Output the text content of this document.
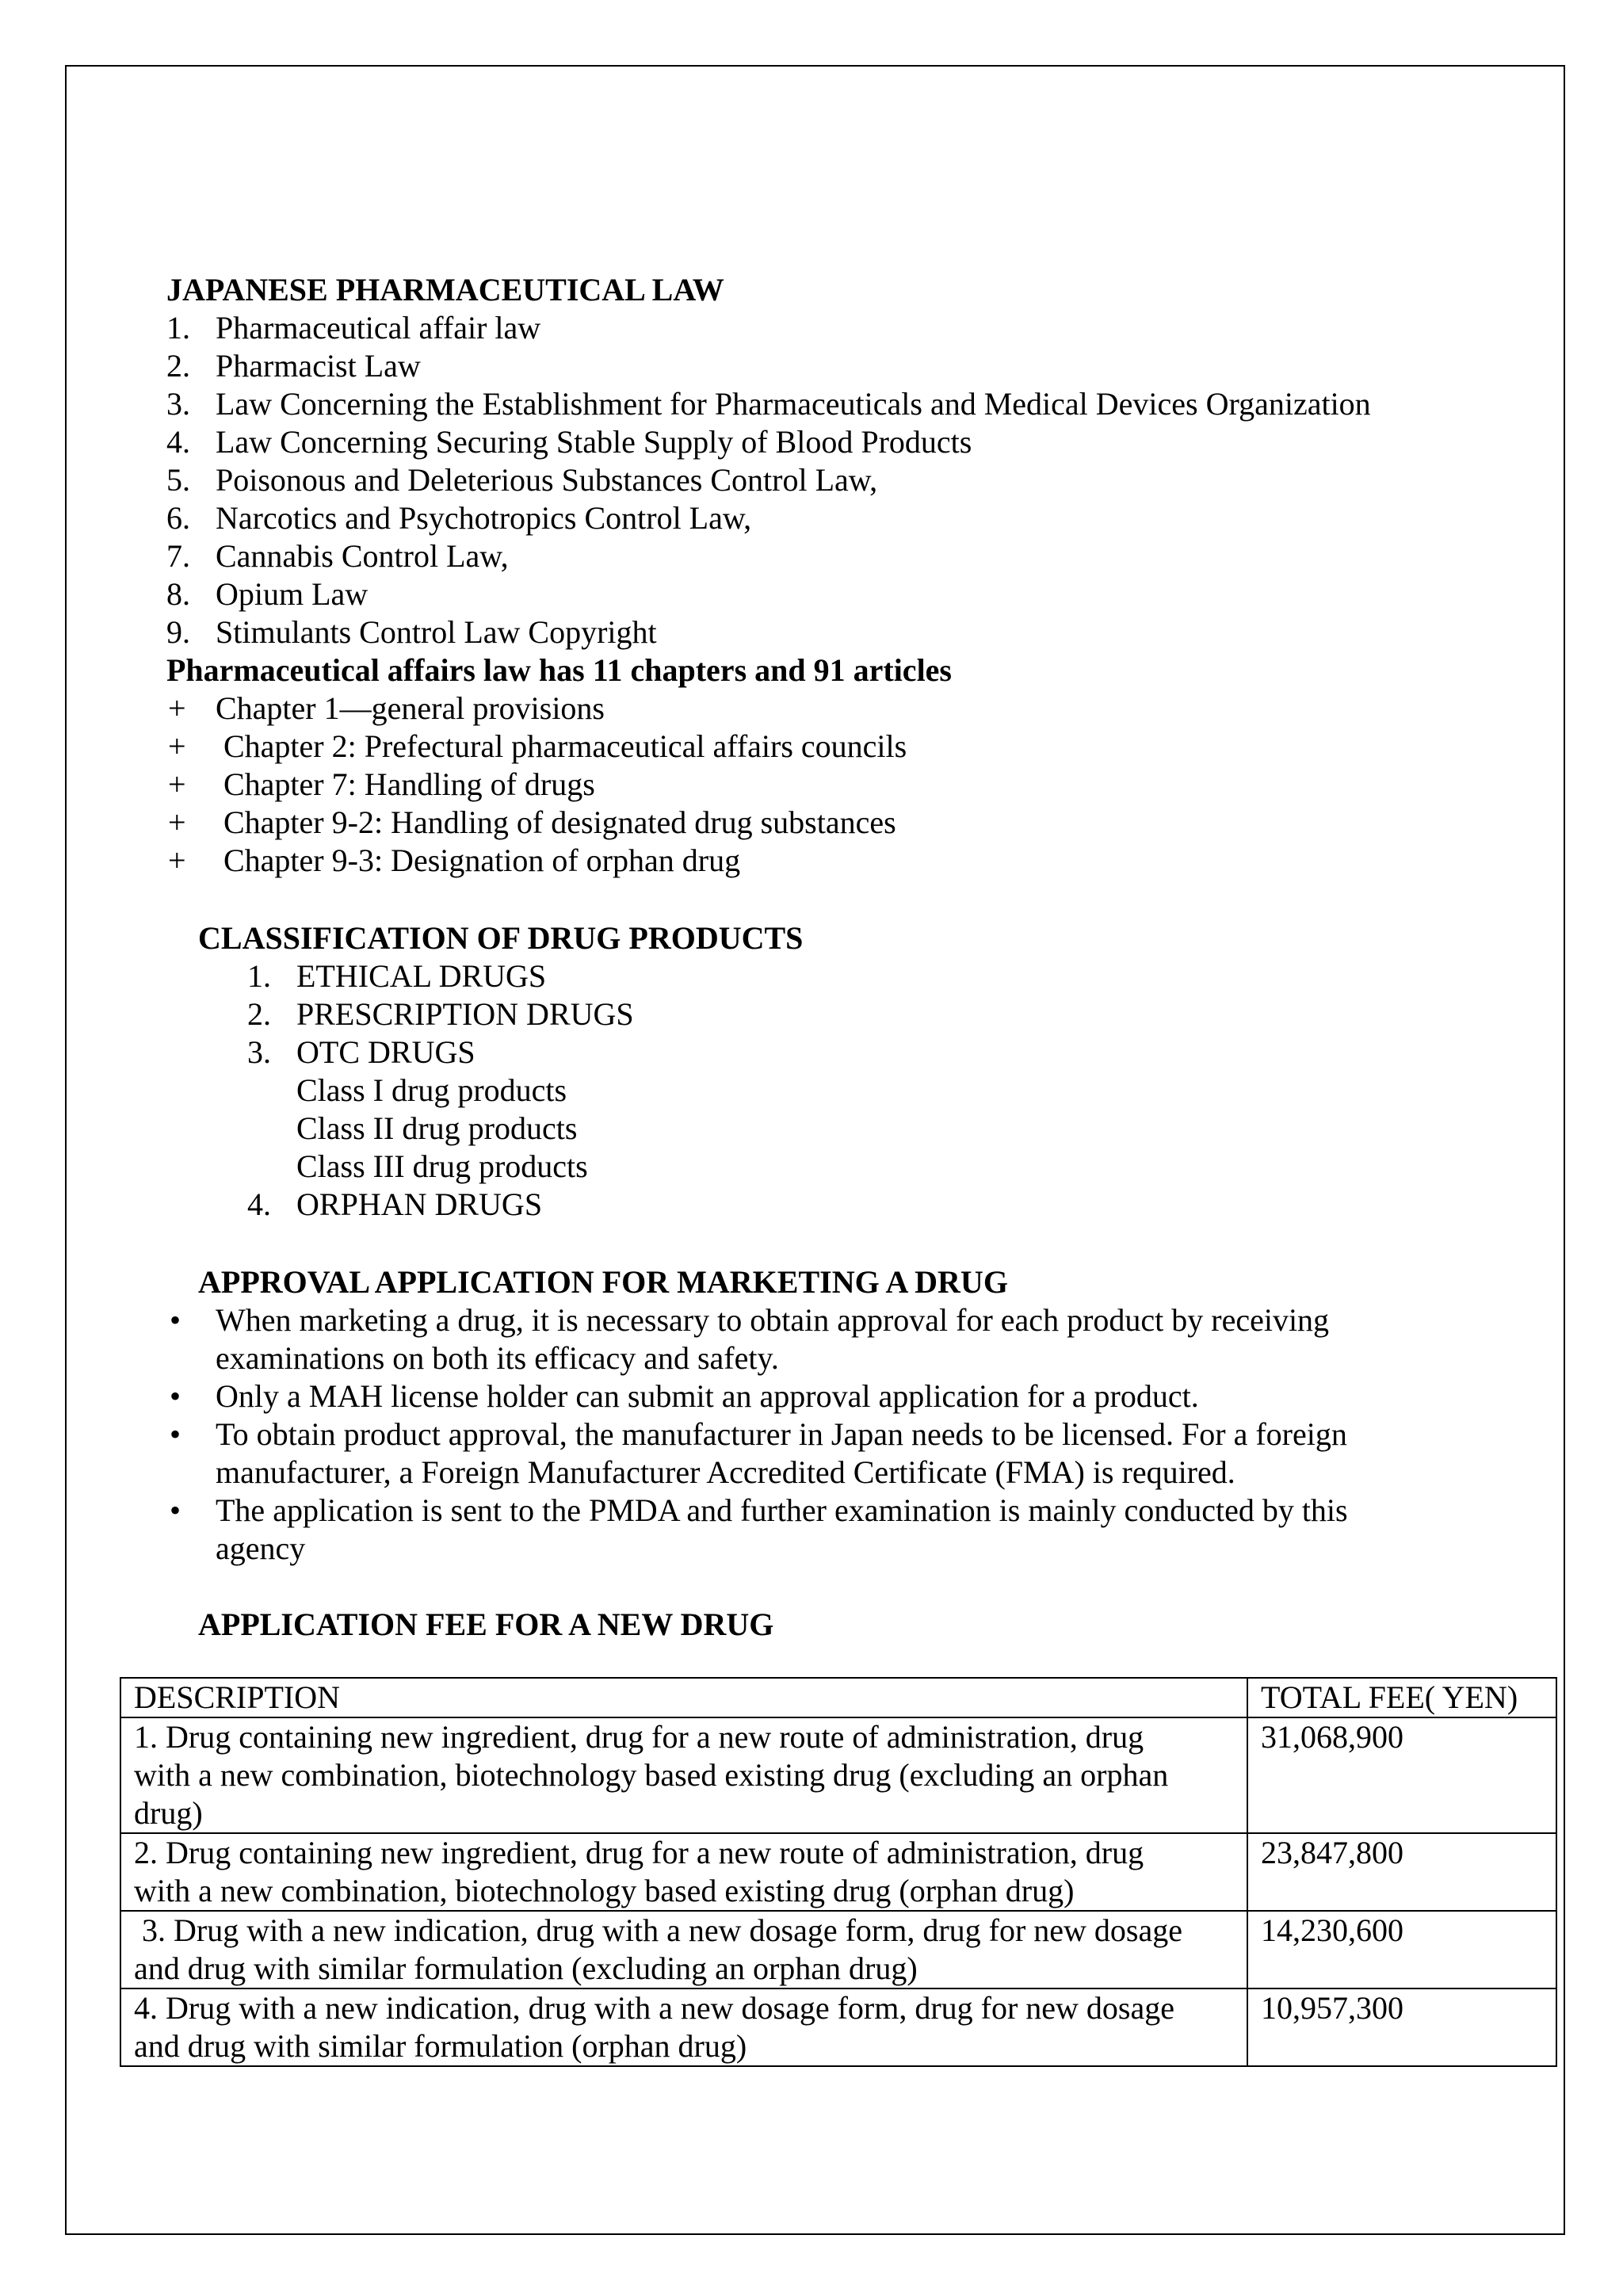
JAPANESE PHARMACEUTICAL LAW
1. Pharmaceutical affair law
2. Pharmacist Law
3. Law Concerning the Establishment for Pharmaceuticals and Medical Devices Organization
4. Law Concerning Securing Stable Supply of Blood Products
5. Poisonous and Deleterious Substances Control Law,
6. Narcotics and Psychotropics Control Law,
7. Cannabis Control Law,
8. Opium Law
9. Stimulants Control Law Copyright
Pharmaceutical affairs law has 11 chapters and 91 articles
+ Chapter 1—general provisions
+ Chapter 2: Prefectural pharmaceutical affairs councils
+ Chapter 7: Handling of drugs
+ Chapter 9-2: Handling of designated drug substances
+ Chapter 9-3: Designation of orphan drug
CLASSIFICATION OF DRUG PRODUCTS
1. ETHICAL DRUGS
2. PRESCRIPTION DRUGS
3. OTC DRUGS
Class I drug products
Class II drug products
Class III drug products
4. ORPHAN DRUGS
APPROVAL APPLICATION FOR MARKETING A DRUG
• When marketing a drug, it is necessary to obtain approval for each product by receiving
examinations on both its efficacy and safety.
• Only a MAH license holder can submit an approval application for a product.
• To obtain product approval, the manufacturer in Japan needs to be licensed. For a foreign
manufacturer, a Foreign Manufacturer Accredited Certificate (FMA) is required.
• The application is sent to the PMDA and further examination is mainly conducted by this
agency
APPLICATION FEE FOR A NEW DRUG
DESCRIPTION	TOTAL FEE( YEN)

1. Drug containing new ingredient, drug for a new route of administration, drug
with a new combination, biotechnology based existing drug (excluding an orphan
drug)	31,068,900

2. Drug containing new ingredient, drug for a new route of administration, drug
with a new combination, biotechnology based existing drug (orphan drug)	23,847,800

3. Drug with a new indication, drug with a new dosage form, drug for new dosage
and drug with similar formulation (excluding an orphan drug)	14,230,600

4. Drug with a new indication, drug with a new dosage form, drug for new dosage
and drug with similar formulation (orphan drug)	10,957,300
